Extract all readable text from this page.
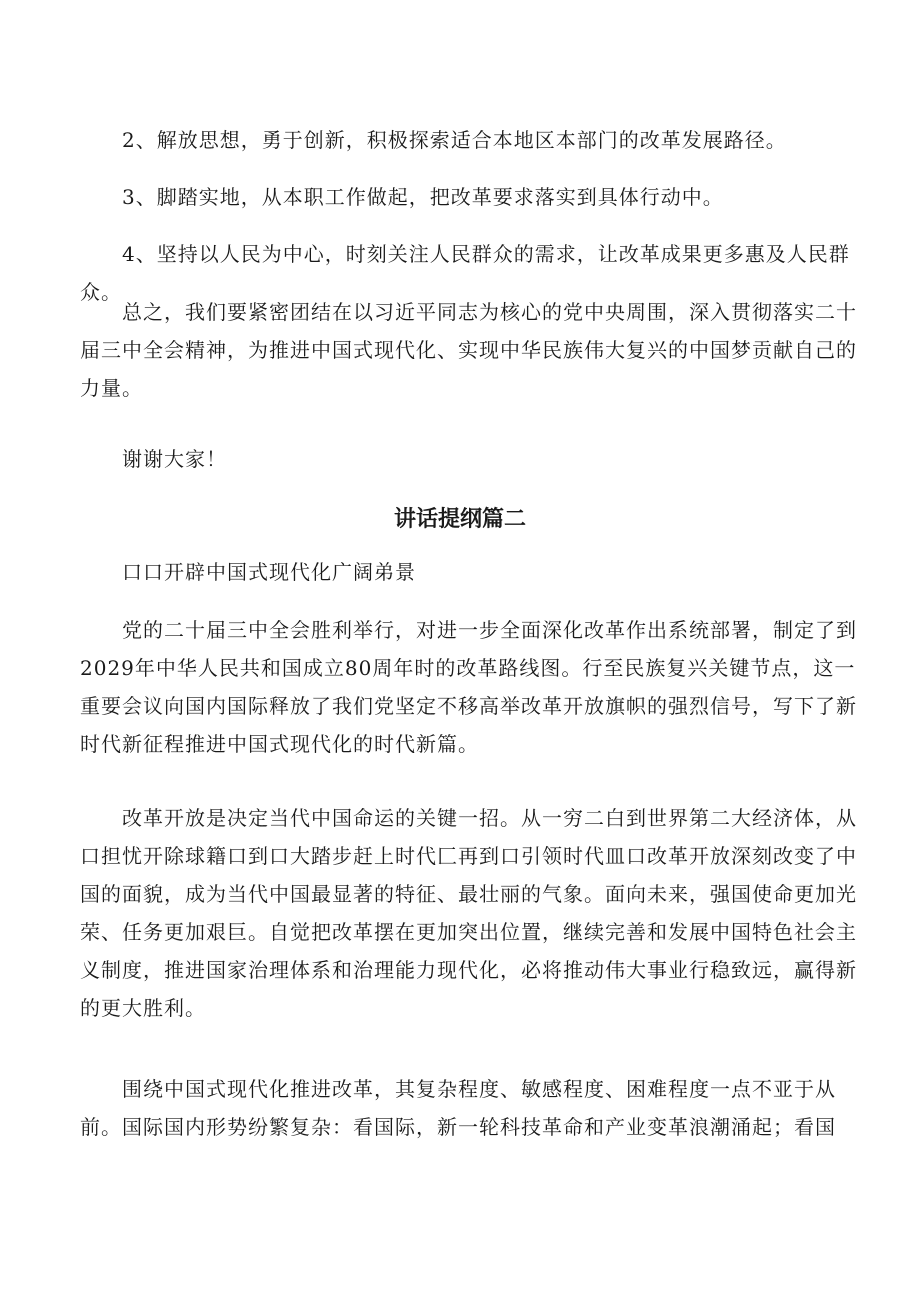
2、解放思想，勇于创新，积极探索适合本地区本部门的改革发展路径。

3、脚踏实地，从本职工作做起，把改革要求落实到具体行动中。

4、坚持以人民为中心，时刻关注人民群众的需求，让改革成果更多惠及人民群众。

总之，我们要紧密团结在以习近平同志为核心的党中央周围，深入贯彻落实二十届三中全会精神，为推进中国式现代化、实现中华民族伟大复兴的中国梦贡献自己的力量。

谢谢大家！

讲话提纲篇二

口口开辟中国式现代化广阔弟景

党的二十届三中全会胜利举行，对进一步全面深化改革作出系统部署，制定了到2029年中华人民共和国成立80周年时的改革路线图。行至民族复兴关键节点，这一重要会议向国内国际释放了我们党坚定不移高举改革开放旗帜的强烈信号，写下了新时代新征程推进中国式现代化的时代新篇。

改革开放是决定当代中国命运的关键一招。从一穷二白到世界第二大经济体，从口担忧开除球籍口到口大踏步赶上时代匚再到口引领时代皿口改革开放深刻改变了中国的面貌，成为当代中国最显著的特征、最壮丽的气象。面向未来，强国使命更加光荣、任务更加艰巨。自觉把改革摆在更加突出位置，继续完善和发展中国特色社会主义制度，推进国家治理体系和治理能力现代化，必将推动伟大事业行稳致远，赢得新的更大胜利。

围绕中国式现代化推进改革，其复杂程度、敏感程度、困难程度一点不亚于从前。国际国内形势纷繁复杂：看国际，新一轮科技革命和产业变革浪潮涌起；看国
